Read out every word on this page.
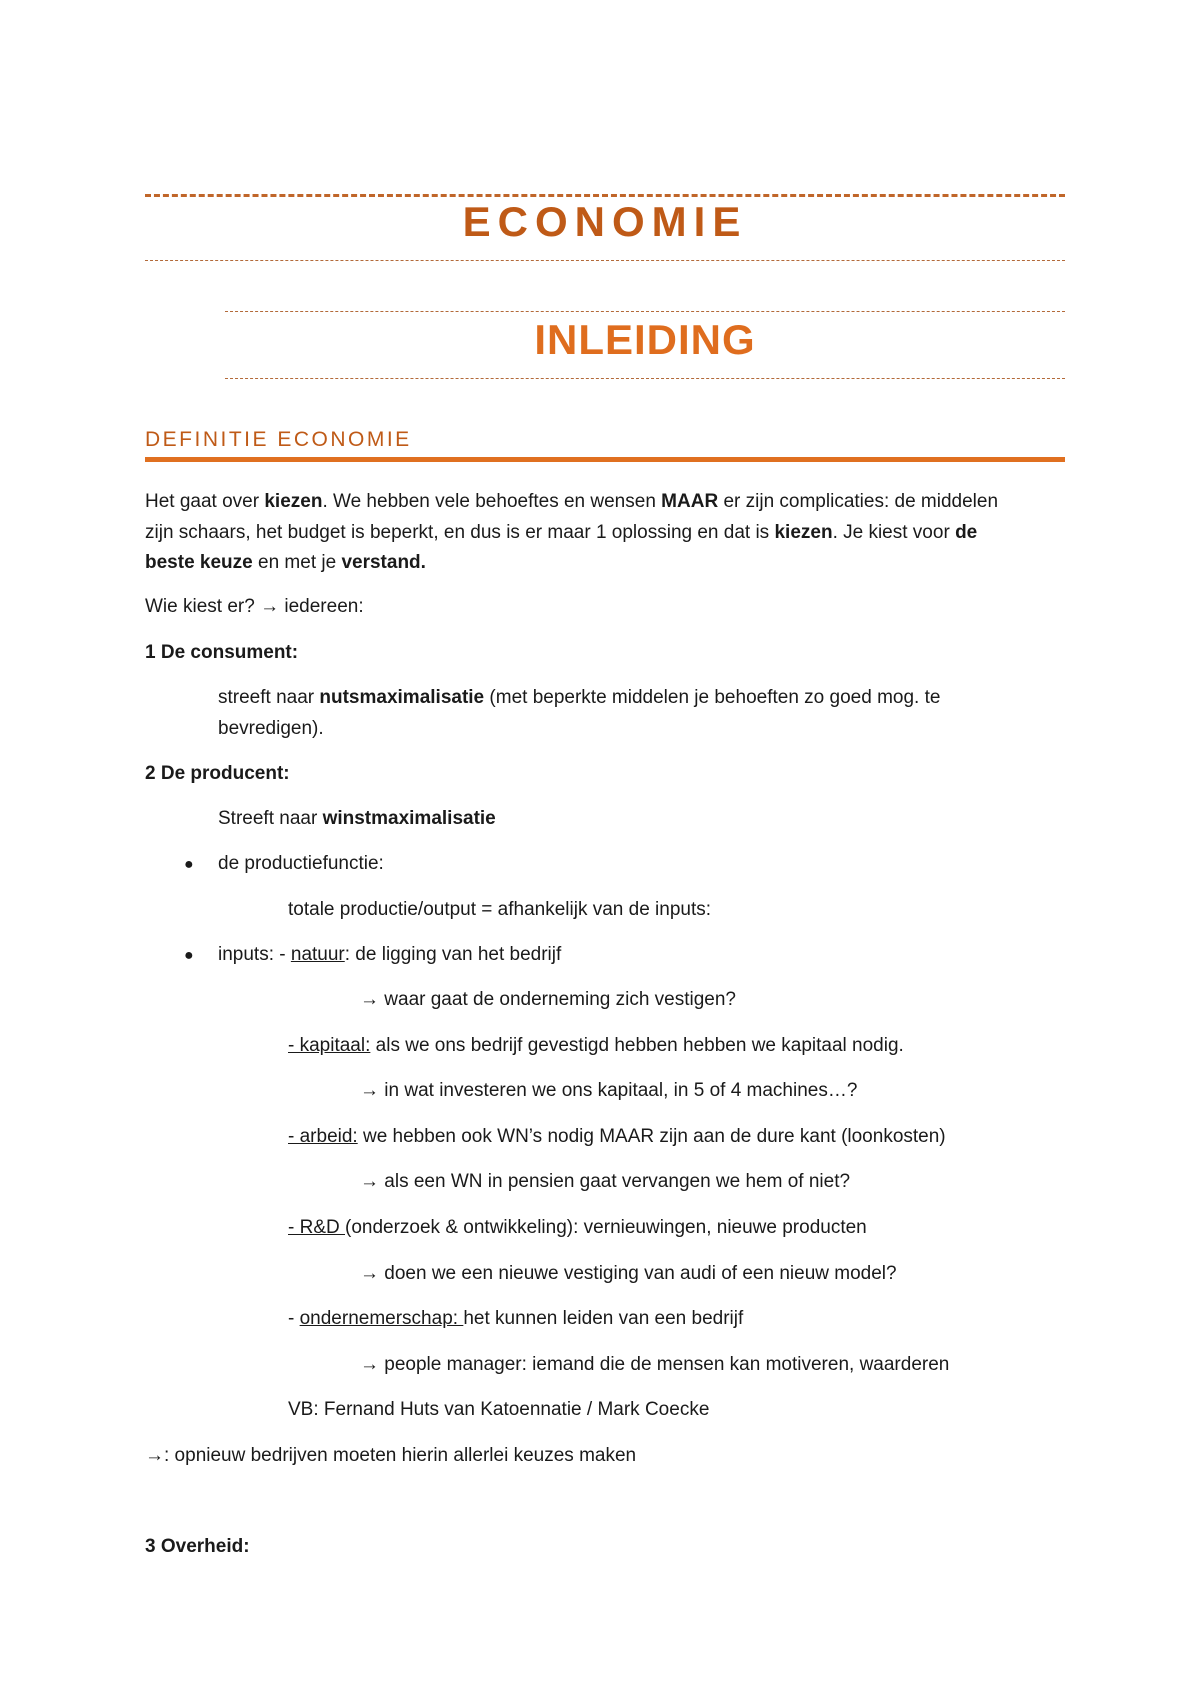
ECONOMIE
INLEIDING
DEFINITIE ECONOMIE
Het gaat over kiezen. We hebben vele behoeftes en wensen MAAR er zijn complicaties: de middelen
zijn schaars, het budget is beperkt, en dus is er maar 1 oplossing en dat is kiezen. Je kiest voor de
beste keuze en met je verstand.
Wie kiest er? → iedereen:
1 De consument:
streeft naar nutsmaximalisatie (met beperkte middelen je behoeften zo goed mog. te
bevredigen).
2 De producent:
Streeft naar winstmaximalisatie
● de productiefunctie:
totale productie/output = afhankelijk van de inputs:
● inputs: - natuur: de ligging van het bedrijf
→ waar gaat de onderneming zich vestigen?
- kapitaal: als we ons bedrijf gevestigd hebben hebben we kapitaal nodig.
→ in wat investeren we ons kapitaal, in 5 of 4 machines…?
- arbeid: we hebben ook WN’s nodig MAAR zijn aan de dure kant (loonkosten)
→ als een WN in pensien gaat vervangen we hem of niet?
- R&D (onderzoek & ontwikkeling): vernieuwingen, nieuwe producten
→ doen we een nieuwe vestiging van audi of een nieuw model?
- ondernemerschap: het kunnen leiden van een bedrijf
→ people manager: iemand die de mensen kan motiveren, waarderen
VB: Fernand Huts van Katoennatie / Mark Coecke
→: opnieuw bedrijven moeten hierin allerlei keuzes maken
3 Overheid:
